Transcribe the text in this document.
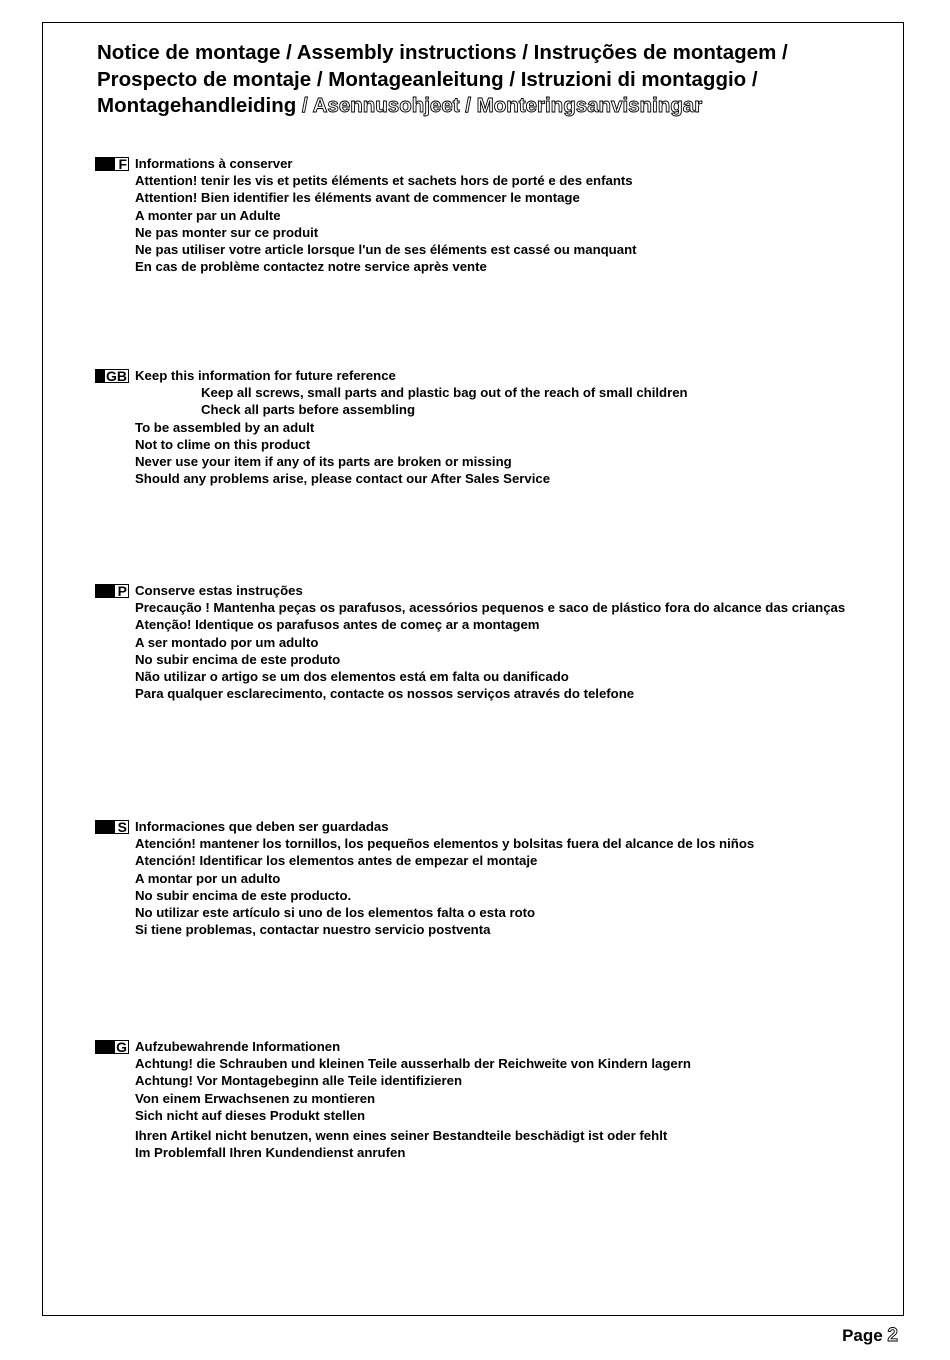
Notice de montage / Assembly instructions / Instruções de montagem / Prospecto de montaje / Montageanleitung / Istruzioni di montaggio / Montagehandleiding / Asennusohjeet / Monteringsanvisningar
F Informations à conserver
Attention! tenir les vis et petits éléments et sachets hors de porté e des enfants
Attention! Bien identifier les éléments avant de commencer le montage
A monter par un Adulte
Ne pas monter sur ce produit
Ne pas utiliser votre article lorsque l'un de ses éléments est cassé ou manquant
En cas de problème contactez notre service après vente
GB Keep this information for future reference
Keep all screws, small parts and plastic bag out of the reach of small children
Check all parts before assembling
To be assembled by an adult
Not to clime on this product
Never use your item if any of its parts are broken or missing
Should any problems arise, please contact our After Sales Service
P Conserve estas instruções
Precaução ! Mantenha peças os parafusos, acessórios pequenos e saco de plástico fora do alcance das crianças
Atenção! Identique os parafusos antes de começ ar a montagem
A ser montado por um adulto
No subir encima de este produto
Não utilizar o artigo se um dos elementos está em falta ou danificado
Para qualquer esclarecimento, contacte os nossos serviços através do telefone
S Informaciones que deben ser guardadas
Atención! mantener los tornillos, los pequeños elementos y bolsitas fuera del alcance de los niños
Atención! Identificar los elementos antes de empezar el montaje
A montar por un adulto
No subir encima de este producto.
No utilizar este artículo si uno de los elementos falta o esta roto
Si tiene problemas, contactar nuestro servicio postventa
G Aufzubewahrende Informationen
Achtung! die Schrauben und kleinen Teile ausserhalb der Reichweite von Kindern lagern
Achtung! Vor Montagebeginn alle Teile identifizieren
Von einem Erwachsenen zu montieren
Sich nicht auf dieses Produkt stellen
Ihren Artikel nicht benutzen, wenn eines seiner Bestandteile beschädigt ist oder fehlt
Im Problemfall Ihren Kundendienst anrufen
Page 2
